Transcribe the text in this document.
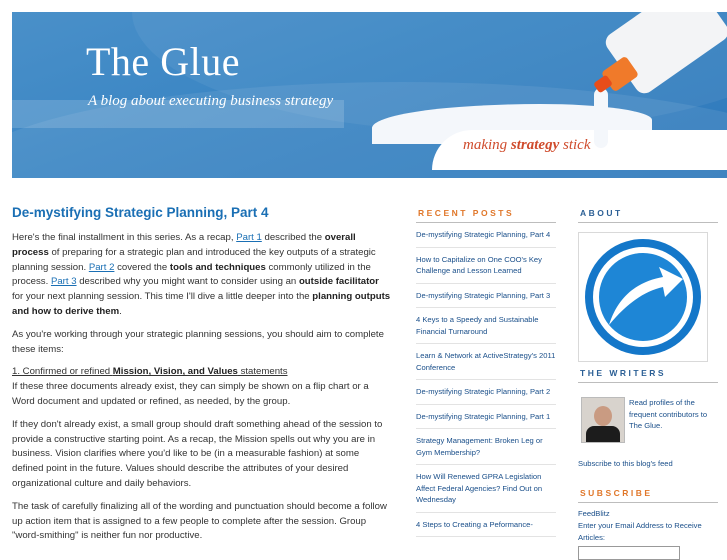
The Glue
A blog about executing business strategy
making strategy stick
De-mystifying Strategic Planning, Part 4

Here's the final installment in this series. As a recap, Part 1 described the overall process of preparing for a strategic plan and introduced the key outputs of a strategic planning session. Part 2 covered the tools and techniques commonly utilized in the process. Part 3 described why you might want to consider using an outside facilitator for your next planning session. This time I'll dive a little deeper into the planning outputs and how to derive them.

As you're working through your strategic planning sessions, you should aim to complete these items:

1. Confirmed or refined Mission, Vision, and Values statements
If these three documents already exist, they can simply be shown on a flip chart or a Word document and updated or refined, as needed, by the group.

If they don't already exist, a small group should draft something ahead of the session to provide a constructive starting point. As a recap, the Mission spells out why you are in business. Vision clarifies where you'd like to be (in a measurable fashion) at some defined point in the future. Values should describe the attributes of your desired organizational culture and daily behaviors.

The task of carefully finalizing all of the wording and punctuation should become a follow up action item that is assigned to a few people to complete after the session. Group "word-smithing" is neither fun nor productive.

RECENT POSTS
De-mystifying Strategic Planning, Part 4
How to Capitalize on One COO's Key Challenge and Lesson Learned
De-mystifying Strategic Planning, Part 3
4 Keys to a Speedy and Sustainable Financial Turnaround
Learn & Network at ActiveStrategy's 2011 Conference
De-mystifying Strategic Planning, Part 2
De-mystifying Strategic Planning, Part 1
Strategy Management: Broken Leg or Gym Membership?
How Will Renewed GPRA Legislation Affect Federal Agencies? Find Out on Wednesday
4 Steps to Creating a Peformance-
ABOUT
THE WRITERS
Read profiles of the frequent contributors to The Glue.
Subscribe to this blog's feed
SUBSCRIBE
FeedBlitz
Enter your Email Address to Receive Articles:
